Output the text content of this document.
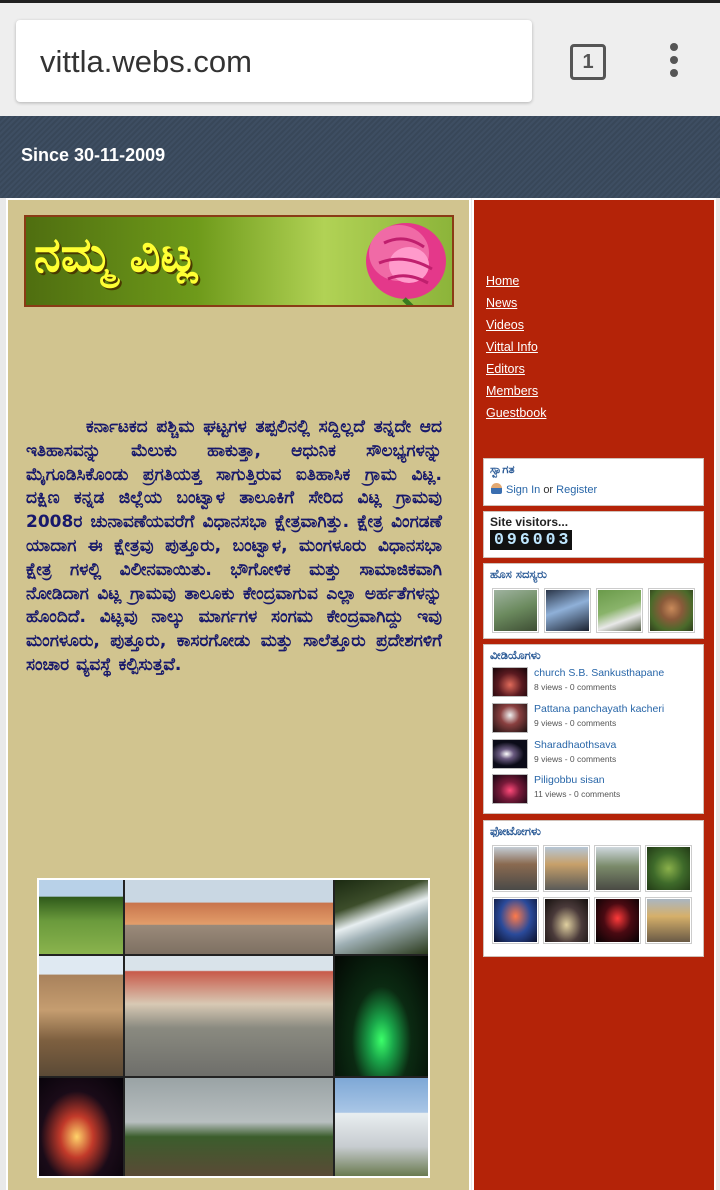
vittla.webs.com	1
Since 30-11-2009
ನಮ್ಮ ವಿಟ್ಲ

ಕರ್ನಾಟಕದ ಪಶ್ಚಿಮ ಘಟ್ಟಗಳ ತಪ್ಪಲಿನಲ್ಲಿ ಸದ್ದಿಲ್ಲದೆ ತನ್ನದೇ ಆದ ಇತಿಹಾಸವನ್ನು ಮೆಲುಕು ಹಾಕುತ್ತಾ, ಆಧುನಿಕ ಸೌಲಭ್ಯಗಳನ್ನು ಮೈಗೂಡಿಸಿಕೊಂಡು ಪ್ರಗತಿಯತ್ತ ಸಾಗುತ್ತಿರುವ ಐತಿಹಾಸಿಕ ಗ್ರಾಮ ವಿಟ್ಲ. ದಕ್ಷಿಣ ಕನ್ನಡ ಜಿಲ್ಲೆಯ ಬಂಟ್ವಾಳ ತಾಲೂಕಿಗೆ ಸೇರಿದ ವಿಟ್ಲ ಗ್ರಾಮವು 2008ರ ಚುನಾವಣೆಯವರೆಗೆ ವಿಧಾನಸಭಾ ಕ್ಷೇತ್ರವಾಗಿತ್ತು. ಕ್ಷೇತ್ರ ವಿಂಗಡಣೆ ಯಾದಾಗ ಈ ಕ್ಷೇತ್ರವು ಪುತ್ತೂರು, ಬಂಟ್ವಾಳ, ಮಂಗಳೂರು ವಿಧಾನಸಭಾ ಕ್ಷೇತ್ರ ಗಳಲ್ಲಿ ವಿಲೀನವಾಯಿತು. ಭೌಗೋಳಿಕ ಮತ್ತು ಸಾಮಾಜಿಕವಾಗಿ ನೋಡಿದಾಗ ವಿಟ್ಲ ಗ್ರಾಮವು ತಾಲೂಕು ಕೇಂದ್ರವಾಗುವ ಎಲ್ಲಾ ಅರ್ಹತೆಗಳನ್ನು ಹೊಂದಿದೆ. ವಿಟ್ಲವು ನಾಲ್ಕು ಮಾರ್ಗಗಳ ಸಂಗಮ ಕೇಂದ್ರವಾಗಿದ್ದು ಇವು ಮಂಗಳೂರು, ಪುತ್ತೂರು, ಕಾಸರಗೋಡು ಮತ್ತು ಸಾಲೆತ್ತೂರು ಪ್ರದೇಶಗಳಿಗೆ ಸಂಚಾರ ವ್ಯವಸ್ಥೆ ಕಲ್ಪಿಸುತ್ತವೆ.

Home
News
Videos
Vittal Info
Editors
Members
Guestbook
ಸ್ವಾಗತ
Sign In or Register
Site visitors...
0 9 6 0 0 3
ಹೊಸ ಸದಸ್ಯರು
ವೀಡಿಯೊಗಳು
church S.B. Sankusthapane
8 views - 0 comments
Pattana panchayath kacheri
9 views - 0 comments
Sharadhaothsava
9 views - 0 comments
Piligobbu sisan
11 views - 0 comments
ಫೋಟೋಗಳು
